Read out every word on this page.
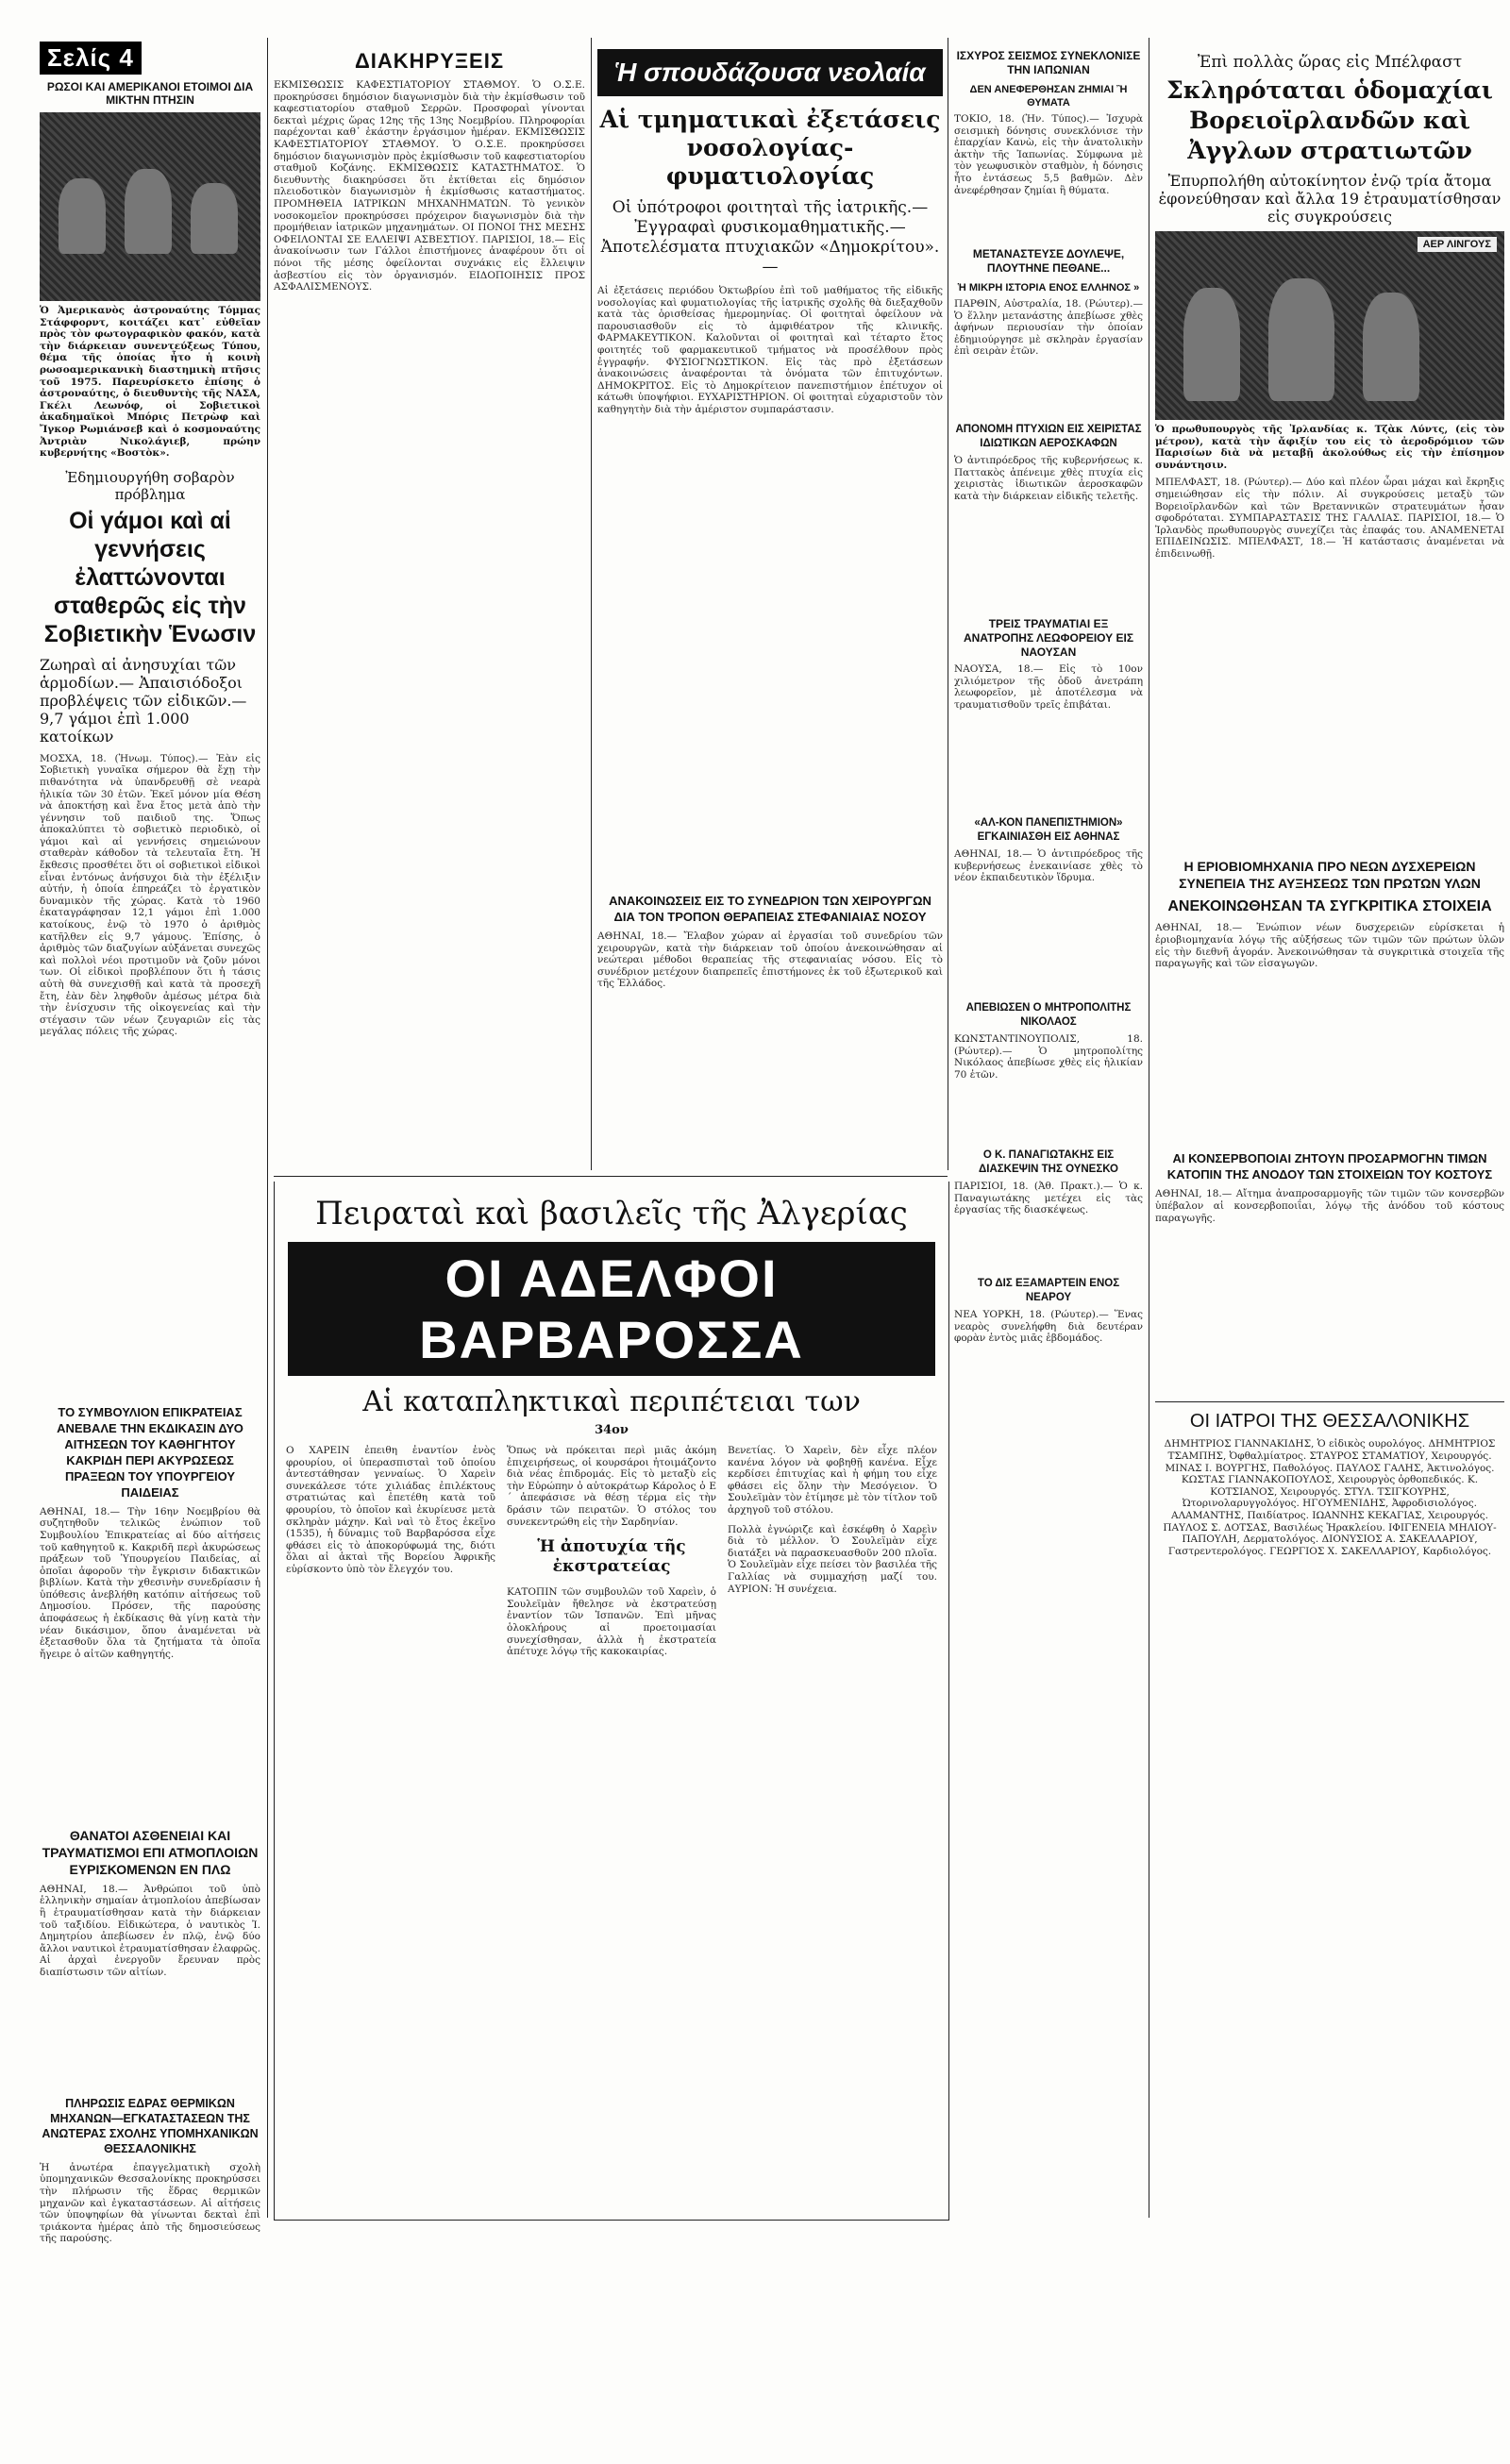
Σελίς 4

ΡΩΣΟΙ ΚΑΙ ΑΜΕΡΙΚΑΝΟΙ ΕΤΟΙΜΟΙ ΔΙΑ ΜΙΚΤΗΝ ΠΤΗΣΙΝ

Ὁ Ἀμερικανὸς ἀστροναύτης Τόμμας Στάφφορντ, κοιτάζει κατ᾽ εὐθεῖαν πρὸς τὸν φωτογραφικὸν φακόν, κατὰ τὴν διάρκειαν συνεντεύξεως Τύπου, θέμα τῆς ὁποίας ἦτο ἡ κοινὴ ρωσοαμερικανικὴ διαστημικὴ πτῆσις τοῦ 1975. Παρευρίσκετο ἐπίσης ὁ ἀστροναύτης, ὁ διευθυντὴς τῆς ΝΑΣΑ, Γκέλι Λεωνόφ, οἱ Σοβιετικοὶ ἀκαδημαϊκοὶ Μπόρις Πετρὼφ καὶ Ἴγκορ Ρωμιάνσεβ καὶ ὁ κοσμοναύτης Ἀντριὰν Νικολάγιεβ, πρώην κυβερνήτης «Βοστὸκ».

Ἐδημιουργήθη σοβαρὸν πρόβλημα

Οἱ γάμοι καὶ αἱ γεννήσεις ἐλαττώνονται σταθερῶς εἰς τὴν Σοβιετικὴν Ἑνωσιν

Ζωηραὶ αἱ ἀνησυχίαι τῶν ἁρμοδίων.— Ἀπαισιόδοξοι προβλέψεις τῶν εἰδικῶν.— 9,7 γάμοι ἐπὶ 1.000 κατοίκων

ΜΟΣΧΑ, 18. (Ἠνωμ. Τύπος).— Ἐὰν εἰς Σοβιετικὴ γυναῖκα σήμερον θὰ ἔχῃ τὴν πιθανότητα νὰ ὑπανδρευθῇ σὲ νεαρὰ ἡλικία τῶν 30 ἐτῶν. Ἐκεῖ μόνον μία Θέση νὰ ἀποκτήσῃ καὶ ἔνα ἔτος μετὰ ἀπὸ τὴν γέννησιν τοῦ παιδιοῦ της. Ὅπως ἀποκαλύπτει τὸ σοβιετικὸ περιοδικὸ, οἱ γάμοι καὶ αἱ γεννήσεις σημειώνουν σταθερὰν κάθοδον τὰ τελευταῖα ἔτη. Ἡ ἔκθεσις προσθέτει ὅτι οἱ σοβιετικοὶ εἰδικοὶ εἶναι ἐντόνως ἀνήσυχοι διὰ τὴν ἐξέλιξιν αὐτήν, ἡ ὁποία ἐπηρεάζει τὸ ἐργατικὸν δυναμικὸν τῆς χώρας. Κατὰ τὸ 1960 ἐκαταγράφησαν 12,1 γάμοι ἐπὶ 1.000 κατοίκους, ἐνῷ τὸ 1970 ὁ ἀριθμὸς κατῆλθεν εἰς 9,7 γάμους. Ἐπίσης, ὁ ἀριθμὸς τῶν διαζυγίων αὐξάνεται συνεχῶς καὶ πολλοὶ νέοι προτιμοῦν νὰ ζοῦν μόνοι των. Οἱ εἰδικοὶ προβλέπουν ὅτι ἡ τάσις αὐτὴ θὰ συνεχισθῇ καὶ κατὰ τὰ προσεχῆ ἔτη, ἐὰν δὲν ληφθοῦν ἀμέσως μέτρα διὰ τὴν ἐνίσχυσιν τῆς οἰκογενείας καὶ τὴν στέγασιν τῶν νέων ζευγαριῶν εἰς τὰς μεγάλας πόλεις τῆς χώρας.

ΤΟ ΣΥΜΒΟΥΛΙΟΝ ΕΠΙΚΡΑΤΕΙΑΣ ΑΝΕΒΑΛΕ ΤΗΝ ΕΚΔΙΚΑΣΙΝ ΔΥΟ ΑΙΤΗΣΕΩΝ ΤΟΥ ΚΑΘΗΓΗΤΟΥ ΚΑΚΡΙΔΗ ΠΕΡΙ ΑΚΥΡΩΣΕΩΣ ΠΡΑΞΕΩΝ ΤΟΥ ΥΠΟΥΡΓΕΙΟΥ ΠΑΙΔΕΙΑΣ

ΑΘΗΝΑΙ, 18.— Τὴν 16ην Νοεμβρίου θὰ συζητηθοῦν τελικῶς ἐνώπιον τοῦ Συμβουλίου Ἐπικρατείας αἱ δύο αἰτήσεις τοῦ καθηγητοῦ κ. Κακριδῆ περὶ ἀκυρώσεως πράξεων τοῦ Ὑπουργείου Παιδείας, αἱ ὁποῖαι ἀφοροῦν τὴν ἔγκρισιν διδακτικῶν βιβλίων. Κατὰ τὴν χθεσινὴν συνεδρίασιν ἡ ὑπόθεσις ἀνεβλήθη κατόπιν αἰτήσεως τοῦ Δημοσίου. Πρόσεν, τῆς παρούσης ἀποφάσεως ἡ ἐκδίκασις θὰ γίνῃ κατὰ τὴν νέαν δικάσιμον, ὅπου ἀναμένεται νὰ ἐξετασθοῦν ὅλα τὰ ζητήματα τὰ ὁποῖα ἤγειρε ὁ αἰτῶν καθηγητής.

ΘΑΝΑΤΟΙ ΑΣΘΕΝΕΙΑΙ ΚΑΙ ΤΡΑΥΜΑΤΙΣΜΟΙ ΕΠΙ ΑΤΜΟΠΛΟΙΩΝ ΕΥΡΙΣΚΟΜΕΝΩΝ ΕΝ ΠΛΩ

ΑΘΗΝΑΙ, 18.— Ἀνθρώποι τοῦ ὑπὸ ἑλληνικὴν σημαίαν ἀτμοπλοίου ἀπεβίωσαν ἢ ἐτραυματίσθησαν κατὰ τὴν διάρκειαν τοῦ ταξιδίου. Εἰδικώτερα, ὁ ναυτικὸς Ἰ. Δημητρίου ἀπεβίωσεν ἐν πλῷ, ἐνῷ δύο ἄλλοι ναυτικοὶ ἐτραυματίσθησαν ἐλαφρῶς. Αἱ ἀρχαὶ ἐνεργοῦν ἔρευναν πρὸς διαπίστωσιν τῶν αἰτίων.

ΠΛΗΡΩΣΙΣ ΕΔΡΑΣ ΘΕΡΜΙΚΩΝ ΜΗΧΑΝΩΝ—ΕΓΚΑΤΑΣΤΑΣΕΩΝ ΤΗΣ ΑΝΩΤΕΡΑΣ ΣΧΟΛΗΣ ΥΠΟΜΗΧΑΝΙΚΩΝ ΘΕΣΣΑΛΟΝΙΚΗΣ

Ἡ ἀνωτέρα ἐπαγγελματικὴ σχολὴ ὑπομηχανικῶν Θεσσαλονίκης προκηρύσσει τὴν πλήρωσιν τῆς ἕδρας θερμικῶν μηχανῶν καὶ ἐγκαταστάσεων. Αἱ αἰτήσεις τῶν ὑποψηφίων θὰ γίνωνται δεκταὶ ἐπὶ τριάκοντα ἡμέρας ἀπὸ τῆς δημοσιεύσεως τῆς παρούσης.

ΔΙΑΚΗΡΥΞΕΙΣ

ΕΚΜΙΣΘΩΣΙΣ ΚΑΦΕΣΤΙΑΤΟΡΙΟΥ ΣΤΑΘΜΟΥ. Ὁ Ο.Σ.Ε. προκηρύσσει δημόσιον διαγωνισμὸν διὰ τὴν ἐκμίσθωσιν τοῦ καφεστιατορίου σταθμοῦ Σερρῶν. Προσφοραὶ γίνονται δεκταὶ μέχρις ὥρας 12ης τῆς 13ης Νοεμβρίου. Πληροφορίαι παρέχονται καθ᾽ ἑκάστην ἐργάσιμον ἡμέραν. ΕΚΜΙΣΘΩΣΙΣ ΚΑΦΕΣΤΙΑΤΟΡΙΟΥ ΣΤΑΘΜΟΥ. Ὁ Ο.Σ.Ε. προκηρύσσει δημόσιον διαγωνισμὸν πρὸς ἐκμίσθωσιν τοῦ καφεστιατορίου σταθμοῦ Κοζάνης. ΕΚΜΙΣΘΩΣΙΣ ΚΑΤΑΣΤΗΜΑΤΟΣ. Ὁ διευθυντὴς διακηρύσσει ὅτι ἐκτίθεται εἰς δημόσιον πλειοδοτικὸν διαγωνισμὸν ἡ ἐκμίσθωσις καταστήματος. ΠΡΟΜΗΘΕΙΑ ΙΑΤΡΙΚΩΝ ΜΗΧΑΝΗΜΑΤΩΝ. Τὸ γενικὸν νοσοκομεῖον προκηρύσσει πρόχειρον διαγωνισμὸν διὰ τὴν προμήθειαν ἰατρικῶν μηχανημάτων. ΟΙ ΠΟΝΟΙ ΤΗΣ ΜΕΣΗΣ ΟΦΕΙΛΟΝΤΑΙ ΣΕ ΕΛΛΕΙΨΙ ΑΣΒΕΣΤΙΟΥ. ΠΑΡΙΣΙΟΙ, 18.— Εἰς ἀνακοίνωσιν των Γάλλοι ἐπιστήμονες ἀναφέρουν ὅτι οἱ πόνοι τῆς μέσης ὀφείλονται συχνάκις εἰς ἔλλειψιν ἀσβεστίου εἰς τὸν ὀργανισμόν. ΕΙΔΟΠΟΙΗΣΙΣ ΠΡΟΣ ΑΣΦΑΛΙΣΜΕΝΟΥΣ.

Ἡ σπουδάζουσα νεολαία

Αἱ τμηματικαὶ ἐξετάσεις νοσολογίας-φυματιολογίας

Οἱ ὑπότροφοι φοιτηταὶ τῆς ἰατρικῆς.— Ἐγγραφαὶ φυσικομαθηματικῆς.— Ἀποτελέσματα πτυχιακῶν «Δημοκρίτου».—

Αἱ ἐξετάσεις περιόδου Ὀκτωβρίου ἐπὶ τοῦ μαθήματος τῆς εἰδικῆς νοσολογίας καὶ φυματιολογίας τῆς ἰατρικῆς σχολῆς θὰ διεξαχθοῦν κατὰ τὰς ὁρισθείσας ἡμερομηνίας. Οἱ φοιτηταὶ ὀφείλουν νὰ παρουσιασθοῦν εἰς τὸ ἀμφιθέατρον τῆς κλινικῆς. ΦΑΡΜΑΚΕΥΤΙΚΟΝ. Καλοῦνται οἱ φοιτηταὶ καὶ τέταρτο ἔτος φοιτητές τοῦ φαρμακευτικοῦ τμήματος νὰ προσέλθουν πρὸς ἐγγραφήν. ΦΥΣΙΟΓΝΩΣΤΙΚΟΝ. Εἰς τὰς πρὸ ἐξετάσεων ἀνακοινώσεις ἀναφέρονται τὰ ὀνόματα τῶν ἐπιτυχόντων. ΔΗΜΟΚΡΙΤΟΣ. Εἰς τὸ Δημοκρίτειον πανεπιστήμιον ἐπέτυχον οἱ κάτωθι ὑποψήφιοι. ΕΥΧΑΡΙΣΤΗΡΙΟΝ. Οἱ φοιτηταὶ εὐχαριστοῦν τὸν καθηγητὴν διὰ τὴν ἀμέριστον συμπαράστασιν.

ΑΝΑΚΟΙΝΩΣΕΙΣ ΕΙΣ ΤΟ ΣΥΝΕΔΡΙΟΝ ΤΩΝ ΧΕΙΡΟΥΡΓΩΝ ΔΙΑ ΤΟΝ ΤΡΟΠΟΝ ΘΕΡΑΠΕΙΑΣ ΣΤΕΦΑΝΙΑΙΑΣ ΝΟΣΟΥ

ΑΘΗΝΑΙ, 18.— Ἔλαβον χώραν αἱ ἐργασίαι τοῦ συνεδρίου τῶν χειρουργῶν, κατὰ τὴν διάρκειαν τοῦ ὁποίου ἀνεκοινώθησαν αἱ νεώτεραι μέθοδοι θεραπείας τῆς στεφανιαίας νόσου. Εἰς τὸ συνέδριον μετέχουν διαπρεπεῖς ἐπιστήμονες ἐκ τοῦ ἐξωτερικοῦ καὶ τῆς Ἑλλάδος.

ΙΣΧΥΡΟΣ ΣΕΙΣΜΟΣ ΣΥΝΕΚΛΟΝΙΣΕ ΤΗΝ ΙΑΠΩΝΙΑΝ

ΔΕΝ ΑΝΕΦΕΡΘΗΣΑΝ ΖΗΜΙΑΙ Ἢ ΘΥΜΑΤΑ

ΤΟΚΙΟ, 18. (Ἠν. Τύπος).— Ἰσχυρὰ σεισμικὴ δόνησις συνεκλόνισε τὴν ἐπαρχίαν Κανὼ, εἰς τὴν ἀνατολικὴν ἀκτὴν τῆς Ἰαπωνίας. Σύμφωνα μὲ τὸν γεωφυσικὸν σταθμὸν, ἡ δόνησις ἦτο ἐντάσεως 5,5 βαθμῶν. Δὲν ἀνεφέρθησαν ζημίαι ἢ θύματα.

ΜΕΤΑΝΑΣΤΕΥΣΕ ΔΟΥΛΕΨΕ, ΠΛΟΥΤΗΝΕ ΠΕΘΑΝΕ...

Ἡ ΜΙΚΡΗ ΙΣΤΟΡΙΑ ΕΝΟΣ ΕΛΛΗΝΟΣ »

ΠΑΡΘΙΝ, Αὐστραλία, 18. (Ρώυτερ).— Ὁ ἕλλην μετανάστης ἀπεβίωσε χθὲς ἀφήνων περιουσίαν τὴν ὁποίαν ἐδημιούργησε μὲ σκληρὰν ἐργασίαν ἐπὶ σειρὰν ἐτῶν.

ΑΠΟΝΟΜΗ ΠΤΥΧΙΩΝ ΕΙΣ ΧΕΙΡΙΣΤΑΣ ΙΔΙΩΤΙΚΩΝ ΑΕΡΟΣΚΑΦΩΝ

Ὁ ἀντιπρόεδρος τῆς κυβερνήσεως κ. Παττακὸς ἀπένειμε χθὲς πτυχία εἰς χειριστὰς ἰδιωτικῶν ἀεροσκαφῶν κατὰ τὴν διάρκειαν εἰδικῆς τελετῆς.

ΤΡΕΙΣ ΤΡΑΥΜΑΤΙΑΙ ΕΞ ΑΝΑΤΡΟΠΗΣ ΛΕΩΦΟΡΕΙΟΥ ΕΙΣ ΝΑΟΥΣΑΝ

ΝΑΟΥΣΑ, 18.— Εἰς τὸ 10ον χιλιόμετρον τῆς ὁδοῦ ἀνετράπη λεωφορεῖον, μὲ ἀποτέλεσμα νὰ τραυματισθοῦν τρεῖς ἐπιβάται.

«ΑΛ-ΚΟΝ ΠΑΝΕΠΙΣΤΗΜΙΟΝ» ΕΓΚΑΙΝΙΑΣΘΗ ΕΙΣ ΑΘΗΝΑΣ

ΑΘΗΝΑΙ, 18.— Ὁ ἀντιπρόεδρος τῆς κυβερνήσεως ἐνεκαινίασε χθὲς τὸ νέον ἐκπαιδευτικὸν ἵδρυμα.

ΑΠΕΒΙΩΣΕΝ Ο ΜΗΤΡΟΠΟΛΙΤΗΣ ΝΙΚΟΛΑΟΣ

ΚΩΝΣΤΑΝΤΙΝΟΥΠΟΛΙΣ, 18. (Ρώυτερ).— Ὁ μητροπολίτης Νικόλαος ἀπεβίωσε χθὲς εἰς ἡλικίαν 70 ἐτῶν.

Ο Κ. ΠΑΝΑΓΙΩΤΑΚΗΣ ΕΙΣ ΔΙΑΣΚΕΨΙΝ ΤΗΣ ΟΥΝΕΣΚΟ

ΠΑΡΙΣΙΟΙ, 18. (Ἀθ. Πρακτ.).— Ὁ κ. Παναγιωτάκης μετέχει εἰς τὰς ἐργασίας τῆς διασκέψεως.

ΤΟ ΔΙΣ ΕΞΑΜΑΡΤΕΙΝ ΕΝΟΣ ΝΕΑΡΟΥ

ΝΕΑ ΥΟΡΚΗ, 18. (Ρώυτερ).— Ἕνας νεαρὸς συνελήφθη διὰ δευτέραν φορὰν ἐντὸς μιᾶς ἑβδομάδος.

Ἐπὶ πολλὰς ὥρας εἰς Μπέλφαστ

Σκληρόταται ὁδομαχίαι Βορειοϊρλανδῶν καὶ Ἀγγλων στρατιωτῶν

Ἐπυρπολήθη αὐτοκίνητον ἐνῷ τρία ἄτομα ἐφονεύθησαν καὶ ἄλλα 19 ἐτραυματίσθησαν εἰς συγκρούσεις

ΑΕΡ ΛΙΝΓΟΥΣ

Ὁ πρωθυπουργὸς τῆς Ἰρλανδίας κ. Τζὰκ Λύντς, (εἰς τὸν μέτρον), κατὰ τὴν ἄφιξίν του εἰς τὸ ἀεροδρόμιον τῶν Παρισίων διὰ νὰ μεταβῇ ἀκολούθως εἰς τὴν ἐπίσημον συνάντησιν.

ΜΠΕΛΦΑΣΤ, 18. (Ρώυτερ).— Δύο καὶ πλέον ὧραι μάχαι καὶ ἔκρηξις σημειώθησαν εἰς τὴν πόλιν. Αἱ συγκρούσεις μεταξὺ τῶν Βορειοϊρλανδῶν καὶ τῶν Βρεταννικῶν στρατευμάτων ἦσαν σφοδρόταται. ΣΥΜΠΑΡΑΣΤΑΣΙΣ ΤΗΣ ΓΑΛΛΙΑΣ. ΠΑΡΙΣΙΟΙ, 18.— Ὁ Ἰρλανδὸς πρωθυπουργὸς συνεχίζει τὰς ἐπαφάς του. ΑΝΑΜΕΝΕΤΑΙ ΕΠΙΔΕΙΝΩΣΙΣ. ΜΠΕΛΦΑΣΤ, 18.— Ἡ κατάστασις ἀναμένεται νὰ ἐπιδεινωθῇ.

Η ΕΡΙΟΒΙΟΜΗΧΑΝΙΑ ΠΡΟ ΝΕΩΝ ΔΥΣΧΕΡΕΙΩΝ ΣΥΝΕΠΕΙΑ ΤΗΣ ΑΥΞΗΣΕΩΣ ΤΩΝ ΠΡΩΤΩΝ ΥΛΩΝ

ΑΝΕΚΟΙΝΩΘΗΣΑΝ ΤΑ ΣΥΓΚΡΙΤΙΚΑ ΣΤΟΙΧΕΙΑ

ΑΘΗΝΑΙ, 18.— Ἐνώπιον νέων δυσχερειῶν εὑρίσκεται ἡ ἐριοβιομηχανία λόγῳ τῆς αὐξήσεως τῶν τιμῶν τῶν πρώτων ὑλῶν εἰς τὴν διεθνῆ ἀγοράν. Ἀνεκοινώθησαν τὰ συγκριτικὰ στοιχεῖα τῆς παραγωγῆς καὶ τῶν εἰσαγωγῶν.

ΑΙ ΚΟΝΣΕΡΒΟΠΟΙΑΙ ΖΗΤΟΥΝ ΠΡΟΣΑΡΜΟΓΗΝ ΤΙΜΩΝ ΚΑΤΟΠΙΝ ΤΗΣ ΑΝΟΔΟΥ ΤΩΝ ΣΤΟΙΧΕΙΩΝ ΤΟΥ ΚΟΣΤΟΥΣ

ΑΘΗΝΑΙ, 18.— Αἴτημα ἀναπροσαρμογῆς τῶν τιμῶν τῶν κονσερβῶν ὑπέβαλον αἱ κονσερβοποιΐαι, λόγῳ τῆς ἀνόδου τοῦ κόστους παραγωγῆς.

ΟΙ ΙΑΤΡΟΙ ΤΗΣ ΘΕΣΣΑΛΟΝΙΚΗΣ

ΔΗΜΗΤΡΙΟΣ ΓΙΑΝΝΑΚΙΔΗΣ, Ὁ εἰδικὸς ουρολόγος. ΔΗΜΗΤΡΙΟΣ ΤΣΑΜΠΗΣ, Ὀφθαλμίατρος. ΣΤΑΥΡΟΣ ΣΤΑΜΑΤΙΟΥ, Χειρουργός. ΜΙΝΑΣ Ι. ΒΟΥΡΓΗΣ, Παθολόγος. ΠΑΥΛΟΣ ΓΑΛΗΣ, Ἀκτινολόγος. ΚΩΣΤΑΣ ΓΙΑΝΝΑΚΟΠΟΥΛΟΣ, Χειρουργὸς ὀρθοπεδικός. Κ. ΚΟΤΣΙΑΝΟΣ, Χειρουργός. ΣΤΥΛ. ΤΣΙΓΚΟΥΡΗΣ, Ὠτορινολαρυγγολόγος. ΗΓΟΥΜΕΝΙΔΗΣ, Ἀφροδισιολόγος. ΑΛΑΜΑΝΤΗΣ, Παιδίατρος. ΙΩΑΝΝΗΣ ΚΕΚΑΓΙΑΣ, Χειρουργός. ΠΑΥΛΟΣ Σ. ΔΟΤΣΑΣ, Βασιλέως Ἡρακλείου. ΙΦΙΓΕΝΕΙΑ ΜΗΛΙΟΥ-ΠΑΠΟΥΛΗ, Δερματολόγος. ΔΙΟΝΥΣΙΟΣ Α. ΣΑΚΕΛΛΑΡΙΟΥ, Γαστρεντερολόγος. ΓΕΩΡΓΙΟΣ Χ. ΣΑΚΕΛΛΑΡΙΟΥ, Καρδιολόγος.

Πειραταὶ καὶ βασιλεῖς τῆς Ἀλγερίας

ΟΙ ΑΔΕΛΦΟΙ ΒΑΡΒΑΡΟΣΣΑ

Αἱ καταπληκτικαὶ περιπέτειαι των

34ον

Ο ΧΑΡΕΙΝ ἐπειθη ἐναντίον ἑνὸς φρουρίου, οἱ ὑπερασπισταὶ τοῦ ὁποίου ἀντεστάθησαν γενναίως. Ὁ Χαρεὶν συνεκάλεσε τότε χιλιάδας ἐπιλέκτους στρατιώτας καὶ ἐπετέθη κατὰ τοῦ φρουρίου, τὸ ὁποῖον καὶ ἐκυρίευσε μετὰ σκληρὰν μάχην. Καὶ ναὶ τὸ ἔτος ἐκεῖνο (1535), ἡ δύναμις τοῦ Βαρβαρόσσα εἶχε φθάσει εἰς τὸ ἀποκορύφωμά της, διότι ὅλαι αἱ ἀκταὶ τῆς Βορείου Ἀφρικῆς εὑρίσκοντο ὑπὸ τὸν ἔλεγχόν του.

Ὅπως νὰ πρόκειται περὶ μιᾶς ἀκόμη ἐπιχειρήσεως, οἱ κουρσάροι ἠτοιμάζοντο διὰ νέας ἐπιδρομάς. Εἰς τὸ μεταξὺ εἰς τὴν Εὐρώπην ὁ αὐτοκράτωρ Κάρολος ὁ Ε´ ἀπεφάσισε νὰ θέσῃ τέρμα εἰς τὴν δράσιν τῶν πειρατῶν. Ὁ στόλος του συνεκεντρώθη εἰς τὴν Σαρδηνίαν.

Ἡ ἀποτυχία τῆς ἐκστρατείας

ΚΑΤΟΠΙΝ τῶν συμβουλῶν τοῦ Χαρεὶν, ὁ Σουλεϊμὰν ἤθελησε νὰ ἐκστρατεύσῃ ἐναντίον τῶν Ἰσπανῶν. Ἐπὶ μῆνας ὁλοκλήρους αἱ προετοιμασίαι συνεχίσθησαν, ἀλλὰ ἡ ἐκστρατεία ἀπέτυχε λόγῳ τῆς κακοκαιρίας.

Βενετίας. Ὁ Χαρεὶν, δὲν εἶχε πλέον κανένα λόγον νὰ φοβηθῇ κανένα. Εἶχε κερδίσει ἐπιτυχίας καὶ ἡ φήμη του εἶχε φθάσει εἰς ὅλην τὴν Μεσόγειον. Ὁ Σουλεϊμὰν τὸν ἐτίμησε μὲ τὸν τίτλον τοῦ ἀρχηγοῦ τοῦ στόλου.

Πολλὰ ἐγνώριζε καὶ ἐσκέφθη ὁ Χαρεὶν διὰ τὸ μέλλον. Ὁ Σουλεϊμὰν εἶχε διατάξει νὰ παρασκευασθοῦν 200 πλοῖα. Ὁ Σουλεϊμὰν εἶχε πείσει τὸν βασιλέα τῆς Γαλλίας νὰ συμμαχήσῃ μαζί του. ΑΥΡΙΟΝ: Ἡ συνέχεια.
